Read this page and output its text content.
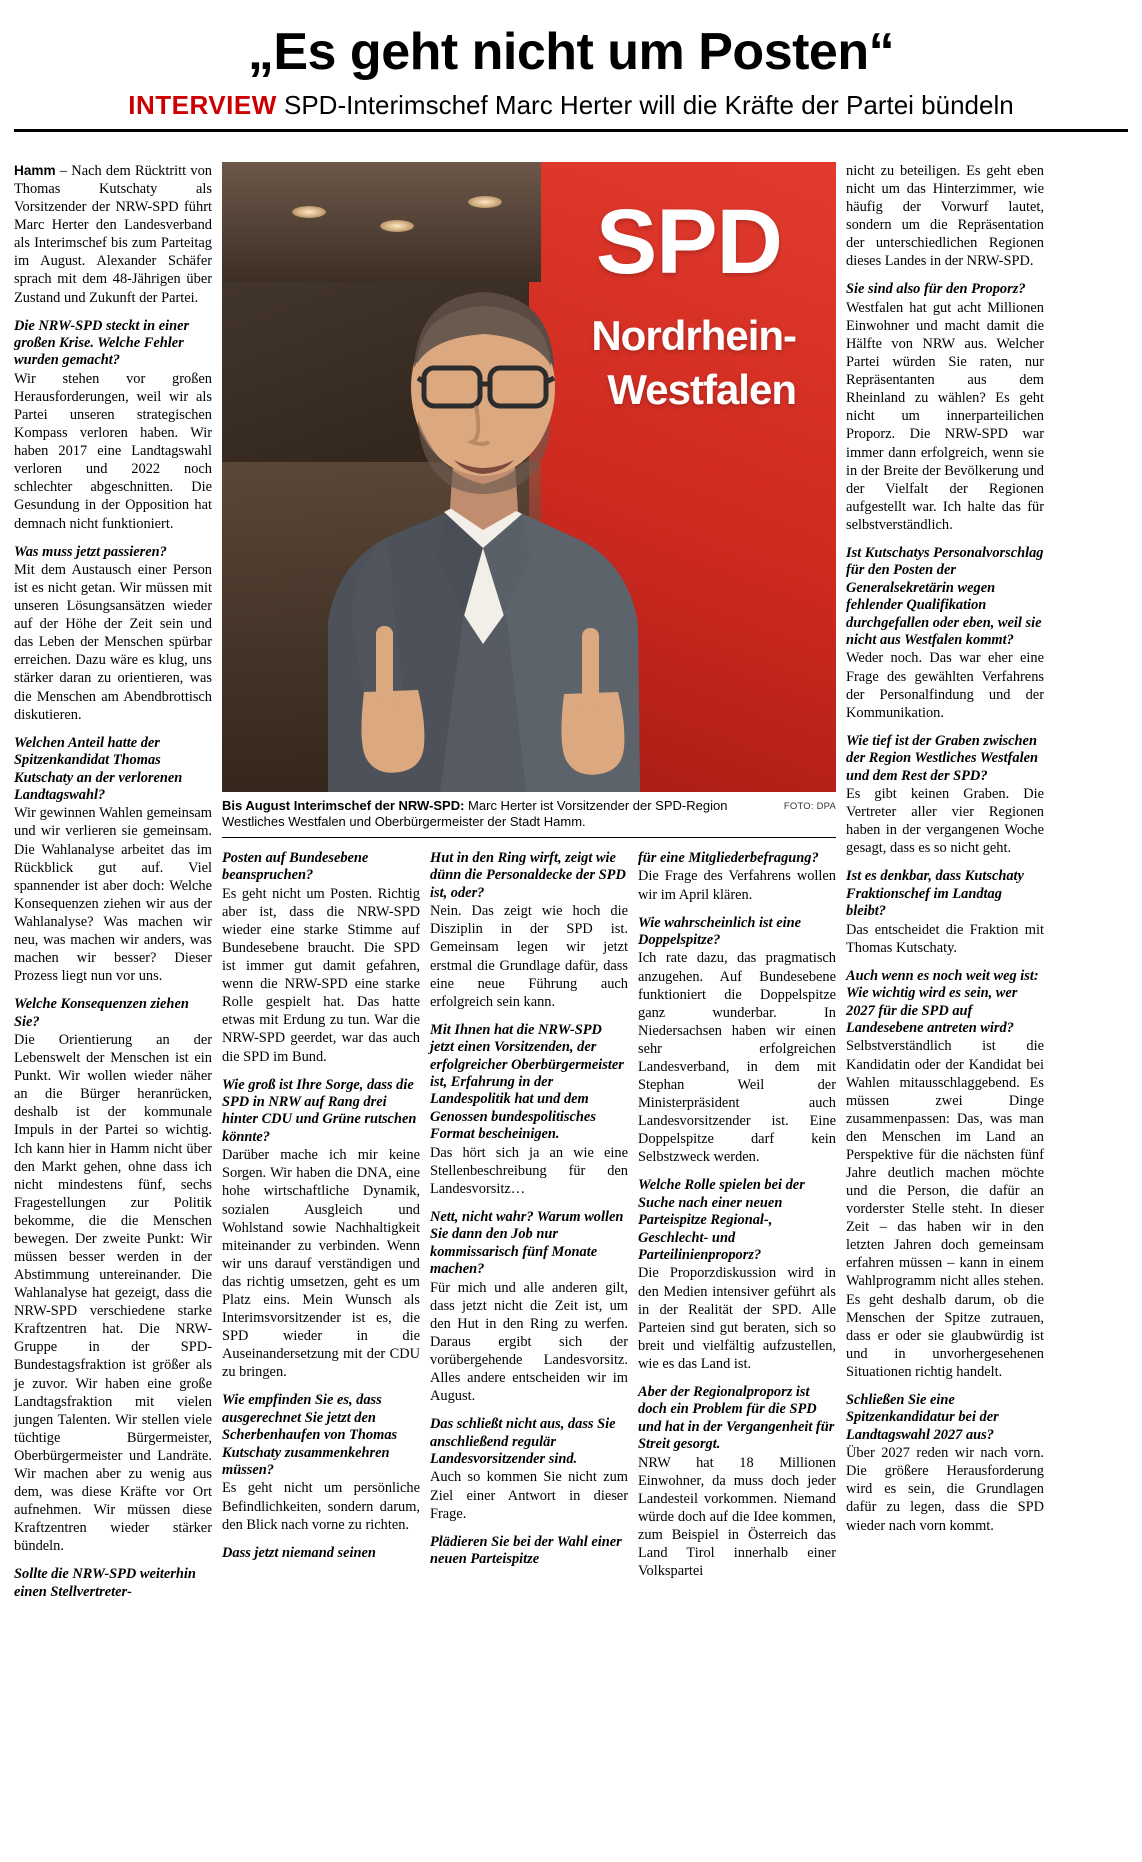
„Es geht nicht um Posten“
INTERVIEW SPD-Interimschef Marc Herter will die Kräfte der Partei bündeln
SPD
Nordrhein-
Westfalen
FOTO: DPA
Bis August Interimschef der NRW-SPD: Marc Herter ist Vorsitzender der SPD-Region Westliches Westfalen und Oberbürgermeister der Stadt Hamm.

Hamm – Nach dem Rücktritt von Thomas Kutschaty als Vorsitzender der NRW-SPD führt Marc Herter den Landesverband als Interimschef bis zum Parteitag im August. Alexander Schäfer sprach mit dem 48-Jährigen über Zustand und Zukunft der Partei.

Die NRW-SPD steckt in einer großen Krise. Welche Fehler wurden gemacht?

Wir stehen vor großen Herausforderungen, weil wir als Partei unseren strategischen Kompass verloren haben. Wir haben 2017 eine Landtagswahl verloren und 2022 noch schlechter abgeschnitten. Die Gesundung in der Opposition hat demnach nicht funktioniert.

Was muss jetzt passieren?

Mit dem Austausch einer Person ist es nicht getan. Wir müssen mit unseren Lösungsansätzen wieder auf der Höhe der Zeit sein und das Leben der Menschen spürbar erreichen. Dazu wäre es klug, uns stärker daran zu orientieren, was die Menschen am Abendbrottisch diskutieren.

Welchen Anteil hatte der Spitzenkandidat Thomas Kutschaty an der verlorenen Landtagswahl?

Wir gewinnen Wahlen gemeinsam und wir verlieren sie gemeinsam. Die Wahlanalyse arbeitet das im Rückblick gut auf. Viel spannender ist aber doch: Welche Konsequenzen ziehen wir aus der Wahlanalyse? Was machen wir neu, was machen wir anders, was machen wir besser? Dieser Prozess liegt nun vor uns.

Welche Konsequenzen ziehen Sie?

Die Orientierung an der Lebenswelt der Menschen ist ein Punkt. Wir wollen wieder näher an die Bürger heranrücken, deshalb ist der kommunale Impuls in der Partei so wichtig. Ich kann hier in Hamm nicht über den Markt gehen, ohne dass ich nicht mindestens fünf, sechs Fragestellungen zur Politik bekomme, die die Menschen bewegen. Der zweite Punkt: Wir müssen besser werden in der Abstimmung untereinander. Die Wahlanalyse hat gezeigt, dass die NRW-SPD verschiedene starke Kraftzentren hat. Die NRW-Gruppe in der SPD-Bundestagsfraktion ist größer als je zuvor. Wir haben eine große Landtagsfraktion mit vielen jungen Talenten. Wir stellen viele tüchtige Bürgermeister, Oberbürgermeister und Landräte. Wir machen aber zu wenig aus dem, was diese Kräfte vor Ort aufnehmen. Wir müssen diese Kraftzentren wieder stärker bündeln.

Sollte die NRW-SPD weiterhin einen Stellvertreter-

Posten auf Bundesebene beanspruchen?

Es geht nicht um Posten. Richtig aber ist, dass die NRW-SPD wieder eine starke Stimme auf Bundesebene braucht. Die SPD ist immer gut damit gefahren, wenn die NRW-SPD eine starke Rolle gespielt hat. Das hatte etwas mit Erdung zu tun. War die NRW-SPD geerdet, war das auch die SPD im Bund.

Wie groß ist Ihre Sorge, dass die SPD in NRW auf Rang drei hinter CDU und Grüne rutschen könnte?

Darüber mache ich mir keine Sorgen. Wir haben die DNA, eine hohe wirtschaftliche Dynamik, sozialen Ausgleich und Wohlstand sowie Nachhaltigkeit miteinander zu verbinden. Wenn wir uns darauf verständigen und das richtig umsetzen, geht es um Platz eins. Mein Wunsch als Interimsvorsitzender ist es, die SPD wieder in die Auseinandersetzung mit der CDU zu bringen.

Wie empfinden Sie es, dass ausgerechnet Sie jetzt den Scherbenhaufen von Thomas Kutschaty zusammenkehren müssen?

Es geht nicht um persönliche Befindlichkeiten, sondern darum, den Blick nach vorne zu richten.

Dass jetzt niemand seinen

Hut in den Ring wirft, zeigt wie dünn die Personaldecke der SPD ist, oder?

Nein. Das zeigt wie hoch die Disziplin in der SPD ist. Gemeinsam legen wir jetzt erstmal die Grundlage dafür, dass eine neue Führung auch erfolgreich sein kann.

Mit Ihnen hat die NRW-SPD jetzt einen Vorsitzenden, der erfolgreicher Oberbürgermeister ist, Erfahrung in der Landespolitik hat und dem Genossen bundespolitisches Format bescheinigen.

Das hört sich ja an wie eine Stellenbeschreibung für den Landesvorsitz…

Nett, nicht wahr? Warum wollen Sie dann den Job nur kommissarisch fünf Monate machen?

Für mich und alle anderen gilt, dass jetzt nicht die Zeit ist, um den Hut in den Ring zu werfen. Daraus ergibt sich der vorübergehende Landesvorsitz. Alles andere entscheiden wir im August.

Das schließt nicht aus, dass Sie anschließend regulär Landesvorsitzender sind.

Auch so kommen Sie nicht zum Ziel einer Antwort in dieser Frage.

Plädieren Sie bei der Wahl einer neuen Parteispitze

für eine Mitgliederbefragung?

Die Frage des Verfahrens wollen wir im April klären.

Wie wahrscheinlich ist eine Doppelspitze?

Ich rate dazu, das pragmatisch anzugehen. Auf Bundesebene funktioniert die Doppelspitze ganz wunderbar. In Niedersachsen haben wir einen sehr erfolgreichen Landesverband, in dem mit Stephan Weil der Ministerpräsident auch Landesvorsitzender ist. Eine Doppelspitze darf kein Selbstzweck werden.

Welche Rolle spielen bei der Suche nach einer neuen Parteispitze Regional-, Geschlecht- und Parteilinienproporz?

Die Proporzdiskussion wird in den Medien intensiver geführt als in der Realität der SPD. Alle Parteien sind gut beraten, sich so breit und vielfältig aufzustellen, wie es das Land ist.

Aber der Regionalproporz ist doch ein Problem für die SPD und hat in der Vergangenheit für Streit gesorgt.

NRW hat 18 Millionen Einwohner, da muss doch jeder Landesteil vorkommen. Niemand würde doch auf die Idee kommen, zum Beispiel in Österreich das Land Tirol innerhalb einer Volkspartei

nicht zu beteiligen. Es geht eben nicht um das Hinterzimmer, wie häufig der Vorwurf lautet, sondern um die Repräsentation der unterschiedlichen Regionen dieses Landes in der NRW-SPD.

Sie sind also für den Proporz?

Westfalen hat gut acht Millionen Einwohner und macht damit die Hälfte von NRW aus. Welcher Partei würden Sie raten, nur Repräsentanten aus dem Rheinland zu wählen? Es geht nicht um innerparteilichen Proporz. Die NRW-SPD war immer dann erfolgreich, wenn sie in der Breite der Bevölkerung und der Vielfalt der Regionen aufgestellt war. Ich halte das für selbstverständlich.

Ist Kutschatys Personalvorschlag für den Posten der Generalsekretärin wegen fehlender Qualifikation durchgefallen oder eben, weil sie nicht aus Westfalen kommt?

Weder noch. Das war eher eine Frage des gewählten Verfahrens der Personalfindung und der Kommunikation.

Wie tief ist der Graben zwischen der Region Westliches Westfalen und dem Rest der SPD?

Es gibt keinen Graben. Die Vertreter aller vier Regionen haben in der vergangenen Woche gesagt, dass es so nicht geht.

Ist es denkbar, dass Kutschaty Fraktionschef im Landtag bleibt?

Das entscheidet die Fraktion mit Thomas Kutschaty.

Auch wenn es noch weit weg ist: Wie wichtig wird es sein, wer 2027 für die SPD auf Landesebene antreten wird?

Selbstverständlich ist die Kandidatin oder der Kandidat bei Wahlen mitausschlaggebend. Es müssen zwei Dinge zusammenpassen: Das, was man den Menschen im Land an Perspektive für die nächsten fünf Jahre deutlich machen möchte und die Person, die dafür an vorderster Stelle steht. In dieser Zeit – das haben wir in den letzten Jahren doch gemeinsam erfahren müssen – kann in einem Wahlprogramm nicht alles stehen. Es geht deshalb darum, ob die Menschen der Spitze zutrauen, dass er oder sie glaubwürdig ist und in unvorhergesehenen Situationen richtig handelt.

Schließen Sie eine Spitzenkandidatur bei der Landtagswahl 2027 aus?

Über 2027 reden wir nach vorn. Die größere Herausforderung wird es sein, die Grundlagen dafür zu legen, dass die SPD wieder nach vorn kommt.
